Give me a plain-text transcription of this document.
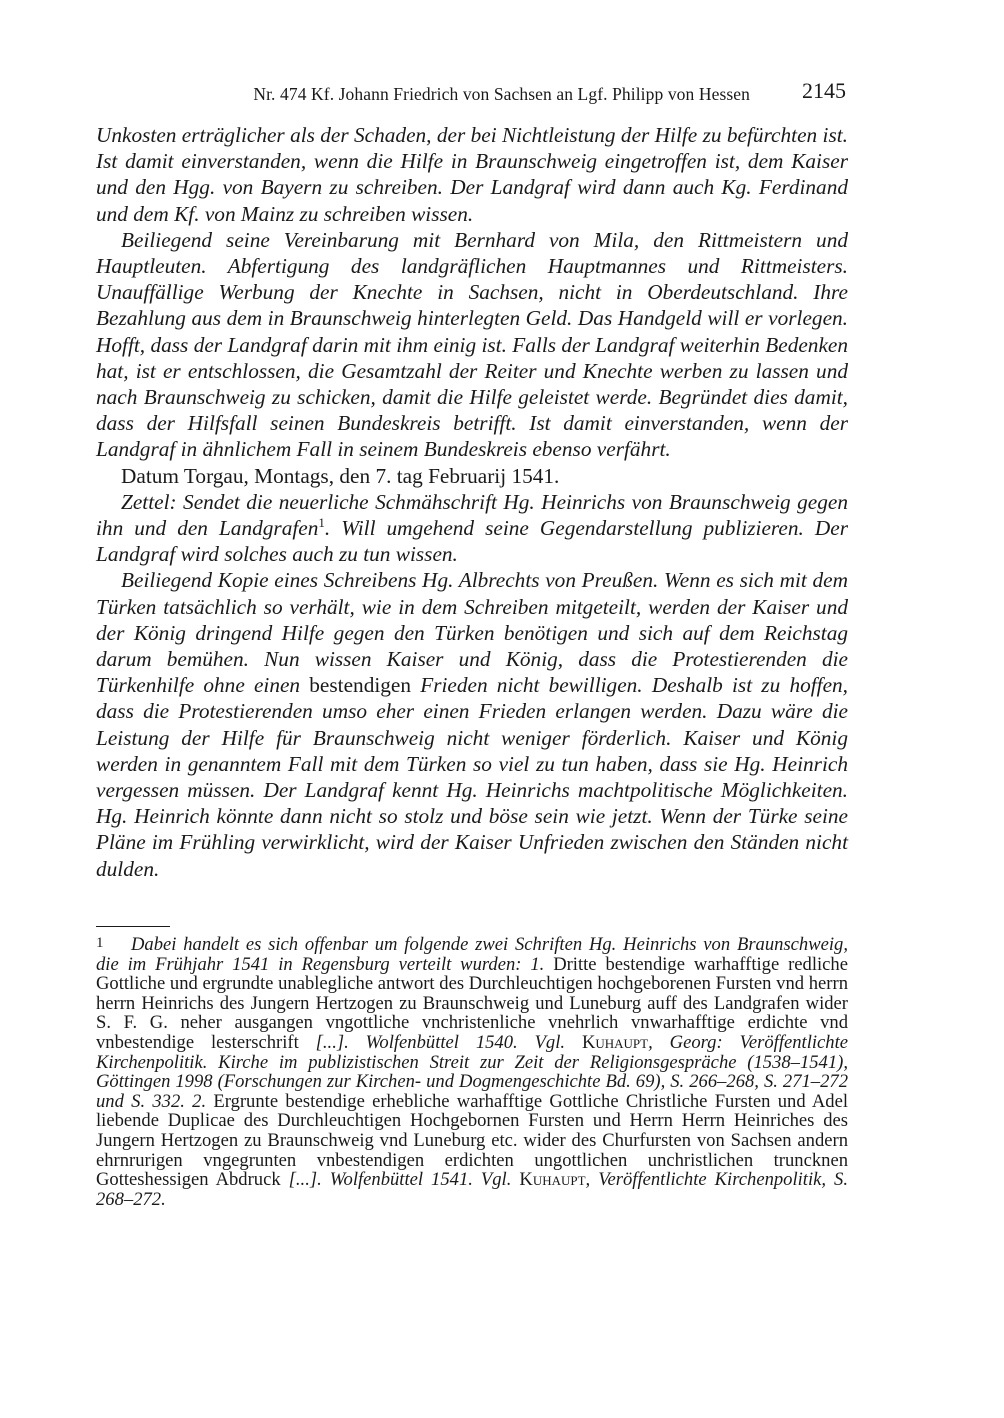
Nr. 474 Kf. Johann Friedrich von Sachsen an Lgf. Philipp von Hessen 2145

Unkosten erträglicher als der Schaden, der bei Nichtleistung der Hilfe zu befürchten ist. Ist damit einverstanden, wenn die Hilfe in Braunschweig eingetroffen ist, dem Kaiser und den Hgg. von Bayern zu schreiben. Der Landgraf wird dann auch Kg. Ferdinand und dem Kf. von Mainz zu schreiben wissen.

Beiliegend seine Vereinbarung mit Bernhard von Mila, den Rittmeistern und Hauptleuten. Abfertigung des landgräflichen Hauptmannes und Rittmeisters. Unauffällige Werbung der Knechte in Sachsen, nicht in Oberdeutschland. Ihre Bezahlung aus dem in Braunschweig hinterlegten Geld. Das Handgeld will er vorlegen. Hofft, dass der Landgraf darin mit ihm einig ist. Falls der Landgraf weiterhin Bedenken hat, ist er entschlossen, die Gesamtzahl der Reiter und Knechte werben zu lassen und nach Braunschweig zu schicken, damit die Hilfe geleistet werde. Begründet dies damit, dass der Hilfsfall seinen Bundeskreis betrifft. Ist damit einverstanden, wenn der Landgraf in ähnlichem Fall in seinem Bundeskreis ebenso verfährt.

Datum Torgau, Montags, den 7. tag Februarij 1541.

Zettel: Sendet die neuerliche Schmähschrift Hg. Heinrichs von Braunschweig gegen ihn und den Landgrafen$^1$. Will umgehend seine Gegendarstellung publizieren. Der Landgraf wird solches auch zu tun wissen.

Beiliegend Kopie eines Schreibens Hg. Albrechts von Preußen. Wenn es sich mit dem Türken tatsächlich so verhält, wie in dem Schreiben mitgeteilt, werden der Kaiser und der König dringend Hilfe gegen den Türken benötigen und sich auf dem Reichstag darum bemühen. Nun wissen Kaiser und König, dass die Protestierenden die Türkenhilfe ohne einen bestendigen Frieden nicht bewilligen. Deshalb ist zu hoffen, dass die Protestierenden umso eher einen Frieden erlangen werden. Dazu wäre die Leistung der Hilfe für Braunschweig nicht weniger förderlich. Kaiser und König werden in genanntem Fall mit dem Türken so viel zu tun haben, dass sie Hg. Heinrich vergessen müssen. Der Landgraf kennt Hg. Heinrichs machtpolitische Möglichkeiten. Hg. Heinrich könnte dann nicht so stolz und böse sein wie jetzt. Wenn der Türke seine Pläne im Frühling verwirklicht, wird der Kaiser Unfrieden zwischen den Ständen nicht dulden.

1 Dabei handelt es sich offenbar um folgende zwei Schriften Hg. Heinrichs von Braunschweig, die im Frühjahr 1541 in Regensburg verteilt wurden: 1. Dritte bestendige warhafftige redliche Gottliche und ergrundte unablegliche antwort des Durchleuchtigen hochgeborenen Fursten vnd herrn herrn Heinrichs des Jungern Hertzogen zu Braunschweig und Luneburg auff des Landgrafen wider S. F. G. neher ausgangen vngottliche vnchristenliche vnehrlich vnwarhafftige erdichte vnd vnbestendige lesterschrift [...]. Wolfenbüttel 1540. Vgl. Kuhaupt, Georg: Veröffentlichte Kirchenpolitik. Kirche im publizistischen Streit zur Zeit der Religionsgespräche (1538–1541), Göttingen 1998 (Forschungen zur Kirchen- und Dogmengeschichte Bd. 69), S. 266–268, S. 271–272 und S. 332. 2. Ergrunte bestendige erhebliche warhafftige Gottliche Christliche Fursten und Adel liebende Duplicae des Durchleuchtigen Hochgebornen Fursten und Herrn Herrn Heinriches des Jungern Hertzogen zu Braunschweig vnd Luneburg etc. wider des Churfursten von Sachsen andern ehrnrurigen vngegrunten vnbestendigen erdichten ungottlichen unchristlichen truncknen Gotteshessigen Abdruck [...]. Wolfenbüttel 1541. Vgl. Kuhaupt, Veröffentlichte Kirchenpolitik, S. 268–272.
